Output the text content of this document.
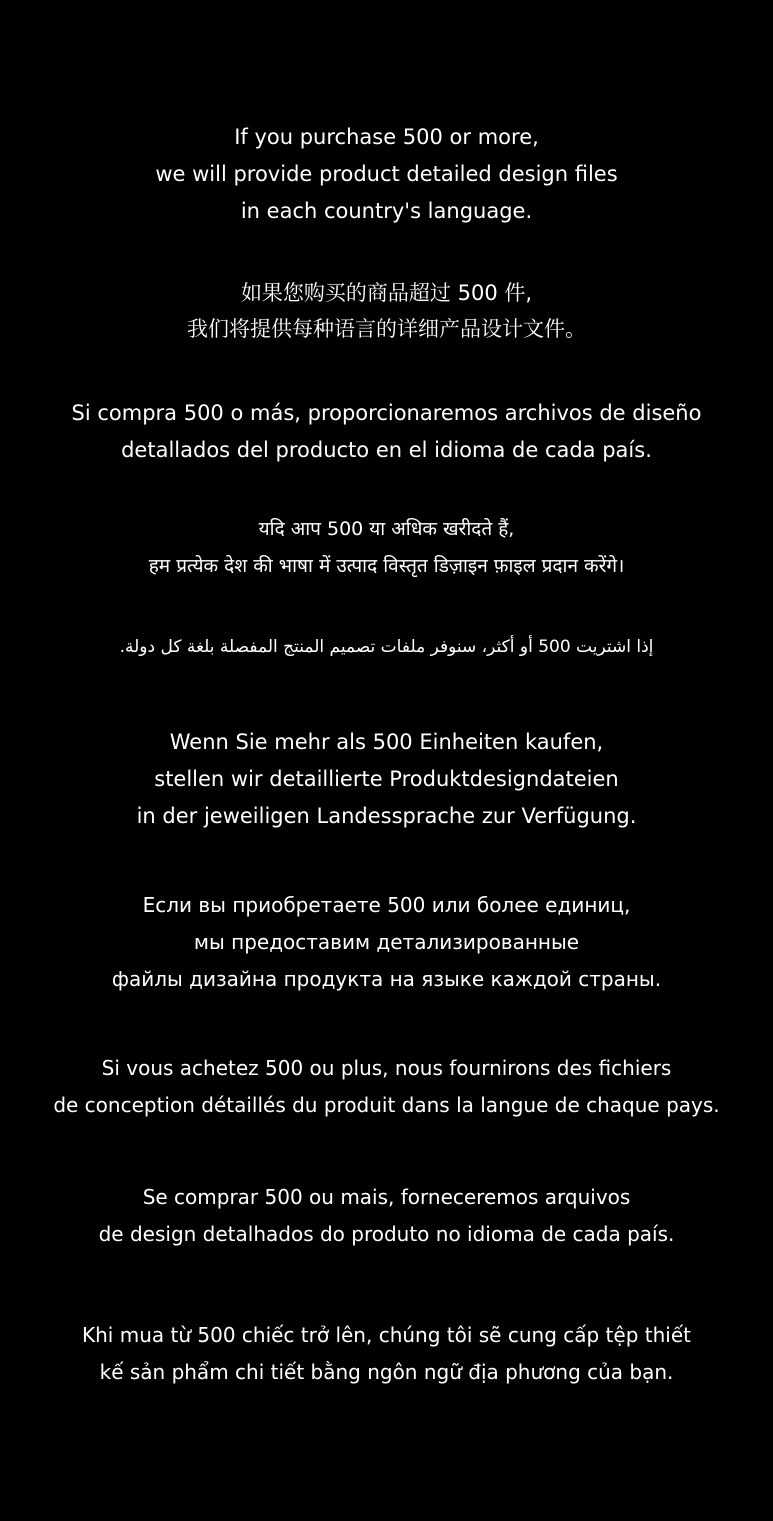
If you purchase 500 or more,
we will provide product detailed design files
in each country's language.
如果您购买的商品超过 500 件,
我们将提供每种语言的详细产品设计文件。
Si compra 500 o más, proporcionaremos archivos de diseño
detallados del producto en el idioma de cada país.
यदि आप 500 या अधिक खरीदते हैं,
हम प्रत्येक देश की भाषा में उत्पाद विस्तृत डिज़ाइन फ़ाइल प्रदान करेंगे।
إذا اشتريت 500 أو أكثر، سنوفر ملفات تصميم المنتج المفصلة بلغة كل دولة.
Wenn Sie mehr als 500 Einheiten kaufen,
stellen wir detaillierte Produktdesigndateien
in der jeweiligen Landessprache zur Verfügung.
Если вы приобретаете 500 или более единиц,
мы предоставим детализированные
файлы дизайна продукта на языке каждой страны.
Si vous achetez 500 ou plus, nous fournirons des fichiers
de conception détaillés du produit dans la langue de chaque pays.
Se comprar 500 ou mais, forneceremos arquivos
de design detalhados do produto no idioma de cada país.
Khi mua từ 500 chiếc trở lên, chúng tôi sẽ cung cấp tệp thiết
kế sản phẩm chi tiết bằng ngôn ngữ địa phương của bạn.
